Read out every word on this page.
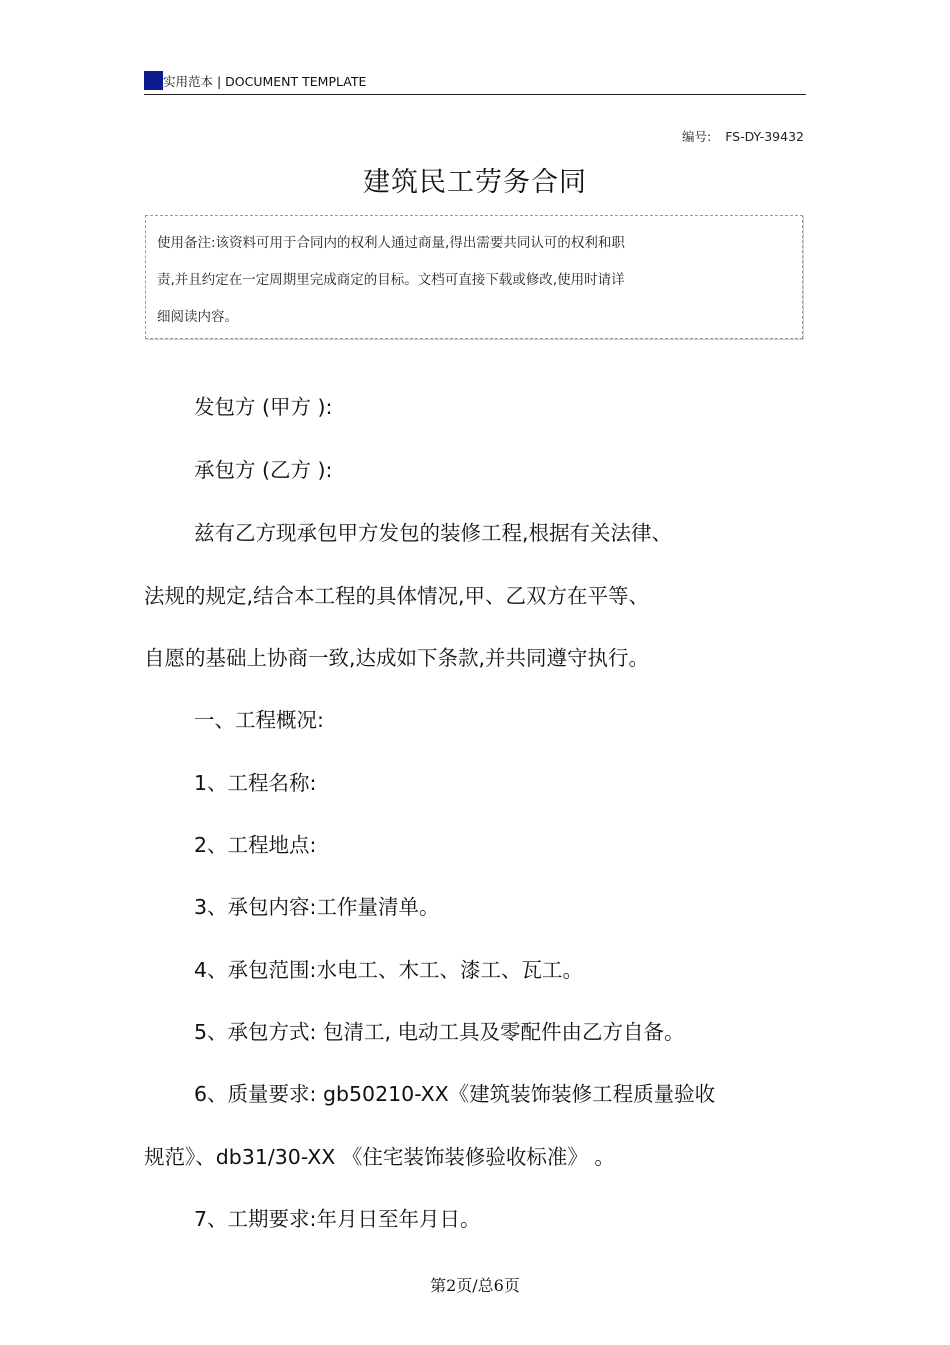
实用范本 | DOCUMENT TEMPLATE
编号: FS-DY-39432
建筑民工劳务合同
使用备注:该资料可用于合同内的权利人通过商量,得出需要共同认可的权利和职
责,并且约定在一定周期里完成商定的目标。文档可直接下载或修改,使用时请详
细阅读内容。
发包方 (甲方 ):
承包方 (乙方 ):
兹有乙方现承包甲方发包的装修工程,根据有关法律、
法规的规定,结合本工程的具体情况,甲、乙双方在平等、
自愿的基础上协商一致,达成如下条款,并共同遵守执行。
一、工程概况:
1、工程名称:
2、工程地点:
3、承包内容:工作量清单。
4、承包范围:水电工、木工、漆工、瓦工。
5、承包方式: 包清工, 电动工具及零配件由乙方自备。
6、质量要求: gb50210-XX《建筑装饰装修工程质量验收
规范》、db31/30-XX 《住宅装饰装修验收标准》 。
7、工期要求:年月日至年月日。
第2页/总6页
